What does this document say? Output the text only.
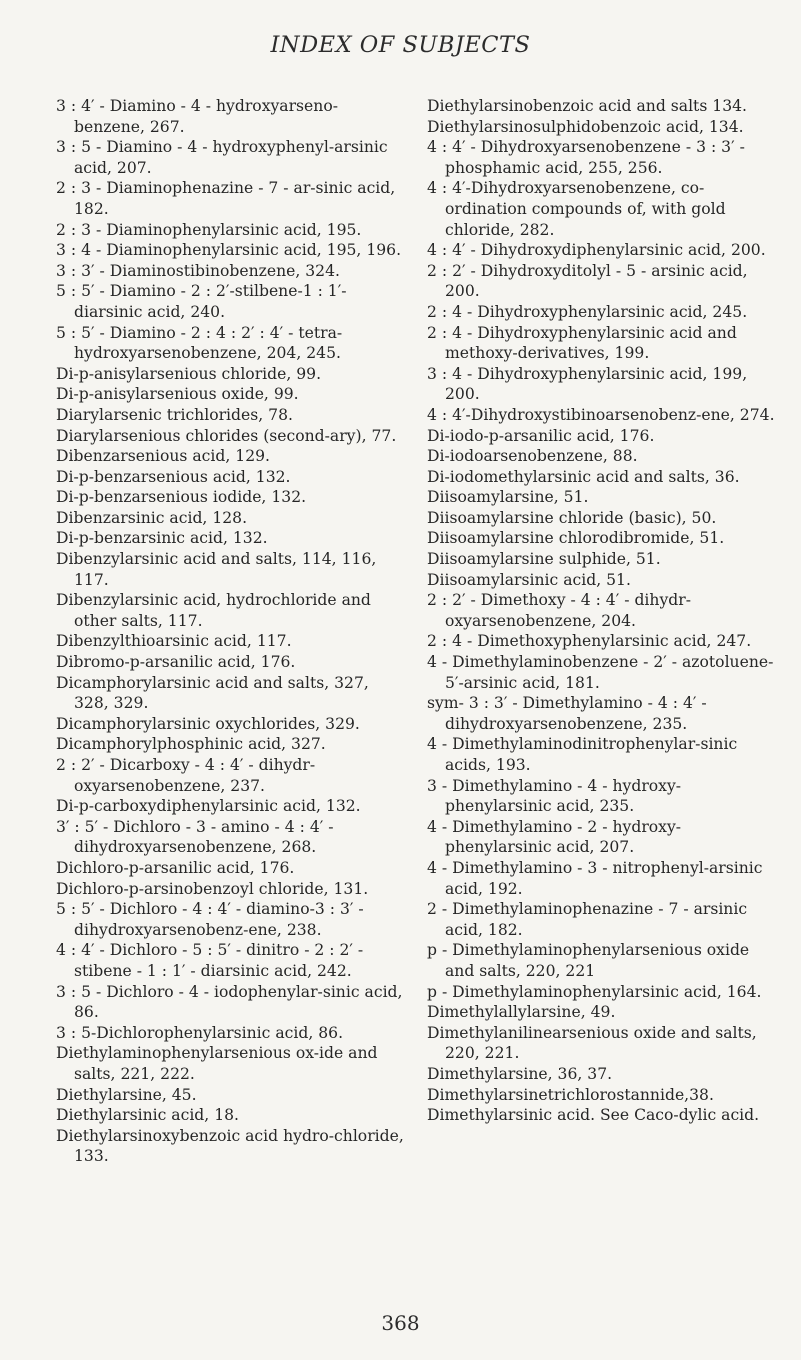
INDEX OF SUBJECTS

3 : 4′ - Diamino - 4 - hydroxyarseno-benzene, 267.

3 : 5 - Diamino - 4 - hydroxyphenyl-arsinic acid, 207.

2 : 3 - Diaminophenazine - 7 - ar-sinic acid, 182.

2 : 3 - Diaminophenylarsinic acid, 195.

3 : 4 - Diaminophenylarsinic acid, 195, 196.

3 : 3′ - Diaminostibinobenzene, 324.

5 : 5′ - Diamino - 2 : 2′-stilbene-1 : 1′-diarsinic acid, 240.

5 : 5′ - Diamino - 2 : 4 : 2′ : 4′ - tetra-hydroxyarsenobenzene, 204, 245.

Di-p-anisylarsenious chloride, 99.

Di-p-anisylarsenious oxide, 99.

Diarylarsenic trichlorides, 78.

Diarylarsenious chlorides (second-ary), 77.

Dibenzarsenious acid, 129.

Di-p-benzarsenious acid, 132.

Di-p-benzarsenious iodide, 132.

Dibenzarsinic acid, 128.

Di-p-benzarsinic acid, 132.

Dibenzylarsinic acid and salts, 114, 116, 117.

Dibenzylarsinic acid, hydrochloride and other salts, 117.

Dibenzylthioarsinic acid, 117.

Dibromo-p-arsanilic acid, 176.

Dicamphorylarsinic acid and salts, 327, 328, 329.

Dicamphorylarsinic oxychlorides, 329.

Dicamphorylphosphinic acid, 327.

2 : 2′ - Dicarboxy - 4 : 4′ - dihydr-oxyarsenobenzene, 237.

Di-p-carboxydiphenylarsinic acid, 132.

3′ : 5′ - Dichloro - 3 - amino - 4 : 4′ - dihydroxyarsenobenzene, 268.

Dichloro-p-arsanilic acid, 176.

Dichloro-p-arsinobenzoyl chloride, 131.

5 : 5′ - Dichloro - 4 : 4′ - diamino-3 : 3′ - dihydroxyarsenobenz-ene, 238.

4 : 4′ - Dichloro - 5 : 5′ - dinitro - 2 : 2′ - stibene - 1 : 1′ - diarsinic acid, 242.

3 : 5 - Dichloro - 4 - iodophenylar-sinic acid, 86.

3 : 5-Dichlorophenylarsinic acid, 86.

Diethylaminophenylarsenious ox-ide and salts, 221, 222.

Diethylarsine, 45.

Diethylarsinic acid, 18.

Diethylarsinoxybenzoic acid hydro-chloride, 133.

Diethylarsinobenzoic acid and salts 134.

Diethylarsinosulphidobenzoic acid, 134.

4 : 4′ - Dihydroxyarsenobenzene - 3 : 3′ - phosphamic acid, 255, 256.

4 : 4′-Dihydroxyarsenobenzene, co-ordination compounds of, with gold chloride, 282.

4 : 4′ - Dihydroxydiphenylarsinic acid, 200.

2 : 2′ - Dihydroxyditolyl - 5 - arsinic acid, 200.

2 : 4 - Dihydroxyphenylarsinic acid, 245.

2 : 4 - Dihydroxyphenylarsinic acid and methoxy-derivatives, 199.

3 : 4 - Dihydroxyphenylarsinic acid, 199, 200.

4 : 4′-Dihydroxystibinoarsenobenz-ene, 274.

Di-iodo-p-arsanilic acid, 176.

Di-iodoarsenobenzene, 88.

Di-iodomethylarsinic acid and salts, 36.

Diisoamylarsine, 51.

Diisoamylarsine chloride (basic), 50.

Diisoamylarsine chlorodibromide, 51.

Diisoamylarsine sulphide, 51.

Diisoamylarsinic acid, 51.

2 : 2′ - Dimethoxy - 4 : 4′ - dihydr-oxyarsenobenzene, 204.

2 : 4 - Dimethoxyphenylarsinic acid, 247.

4 - Dimethylaminobenzene - 2′ - azotoluene-5′-arsinic acid, 181.

sym- 3 : 3′ - Dimethylamino - 4 : 4′ - dihydroxyarsenobenzene, 235.

4 - Dimethylaminodinitrophenylar-sinic acids, 193.

3 - Dimethylamino - 4 - hydroxy-phenylarsinic acid, 235.

4 - Dimethylamino - 2 - hydroxy-phenylarsinic acid, 207.

4 - Dimethylamino - 3 - nitrophenyl-arsinic acid, 192.

2 - Dimethylaminophenazine - 7 - arsinic acid, 182.

p - Dimethylaminophenylarsenious oxide and salts, 220, 221

p - Dimethylaminophenylarsinic acid, 164.

Dimethylallylarsine, 49.

Dimethylanilinearsenious oxide and salts, 220, 221.

Dimethylarsine, 36, 37.

Dimethylarsinetrichlorostannide,38.

Dimethylarsinic acid. See Caco-dylic acid.

368
